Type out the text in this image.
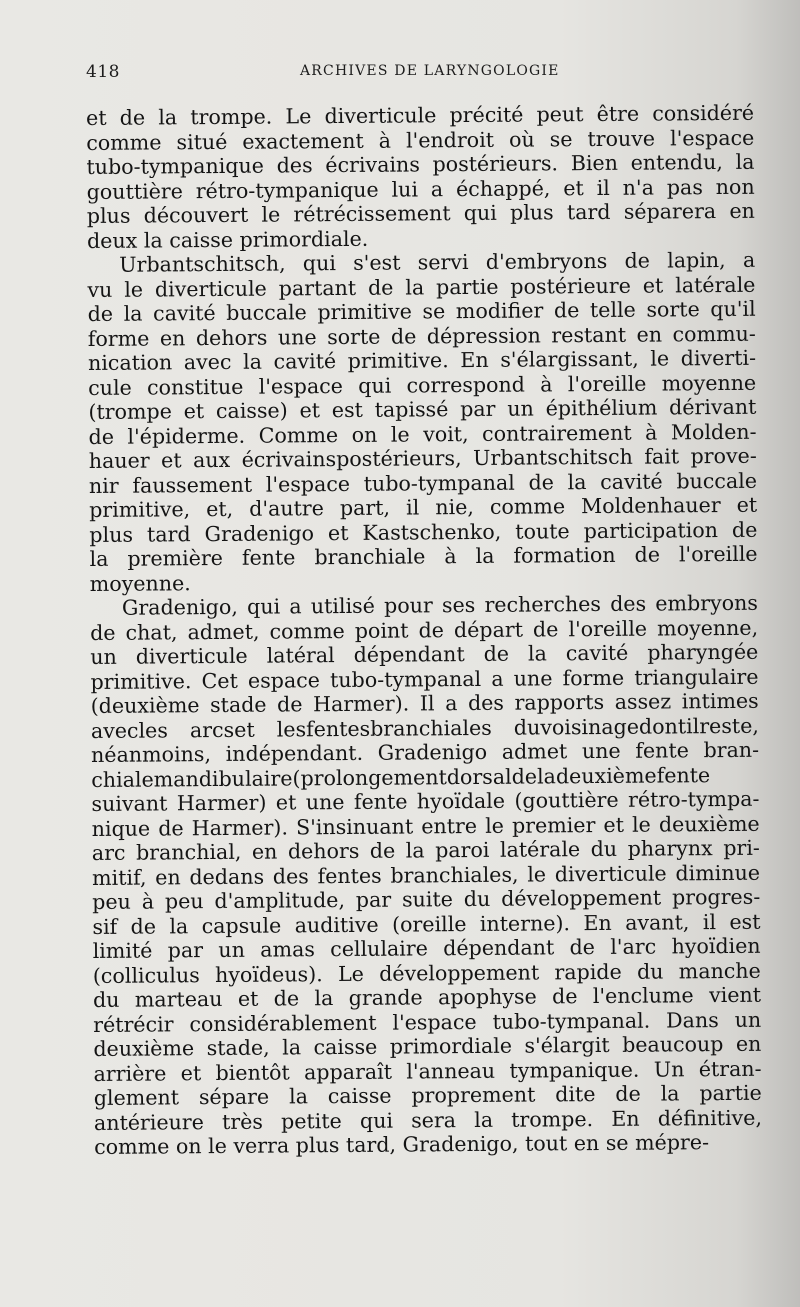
418	ARCHIVES DE LARYNGOLOGIE
et de la trompe. Le diverticule précité peut être considéré
comme situé exactement à l'endroit où se trouve l'espace
tubo-tympanique des écrivains postérieurs. Bien entendu, la
gouttière rétro-tympanique lui a échappé, et il n'a pas non
plus découvert le rétrécissement qui plus tard séparera en
deux la caisse primordiale.
Urbantschitsch, qui s'est servi d'embryons de lapin, a
vu le diverticule partant de la partie postérieure et latérale
de la cavité buccale primitive se modifier de telle sorte qu'il
forme en dehors une sorte de dépression restant en commu-
nication avec la cavité primitive. En s'élargissant, le diverti-
cule constitue l'espace qui correspond à l'oreille moyenne
(trompe et caisse) et est tapissé par un épithélium dérivant
de l'épiderme. Comme on le voit, contrairement à Molden-
hauer et aux écrivainspostérieurs, Urbantschitsch fait prove-
nir faussement l'espace tubo-tympanal de la cavité buccale
primitive, et, d'autre part, il nie, comme Moldenhauer et
plus tard Gradenigo et Kastschenko, toute participation de
la première fente branchiale à la formation de l'oreille
moyenne.
Gradenigo, qui a utilisé pour ses recherches des embryons
de chat, admet, comme point de départ de l'oreille moyenne,
un diverticule latéral dépendant de la cavité pharyngée
primitive. Cet espace tubo-tympanal a une forme triangulaire
(deuxième stade de Harmer). Il a des rapports assez intimes
avecles arcset lesfentesbranchiales duvoisinagedontilreste,
néanmoins, indépendant. Gradenigo admet une fente bran-
chialemandibulaire(prolongementdorsaldeladeuxièmefente
suivant Harmer) et une fente hyoïdale (gouttière rétro-tympa-
nique de Harmer). S'insinuant entre le premier et le deuxième
arc branchial, en dehors de la paroi latérale du pharynx pri-
mitif, en dedans des fentes branchiales, le diverticule diminue
peu à peu d'amplitude, par suite du développement progres-
sif de la capsule auditive (oreille interne). En avant, il est
limité par un amas cellulaire dépendant de l'arc hyoïdien
(colliculus hyoïdeus). Le développement rapide du manche
du marteau et de la grande apophyse de l'enclume vient
rétrécir considérablement l'espace tubo-tympanal. Dans un
deuxième stade, la caisse primordiale s'élargit beaucoup en
arrière et bientôt apparaît l'anneau tympanique. Un étran-
glement sépare la caisse proprement dite de la partie
antérieure très petite qui sera la trompe. En définitive,
comme on le verra plus tard, Gradenigo, tout en se mépre-
